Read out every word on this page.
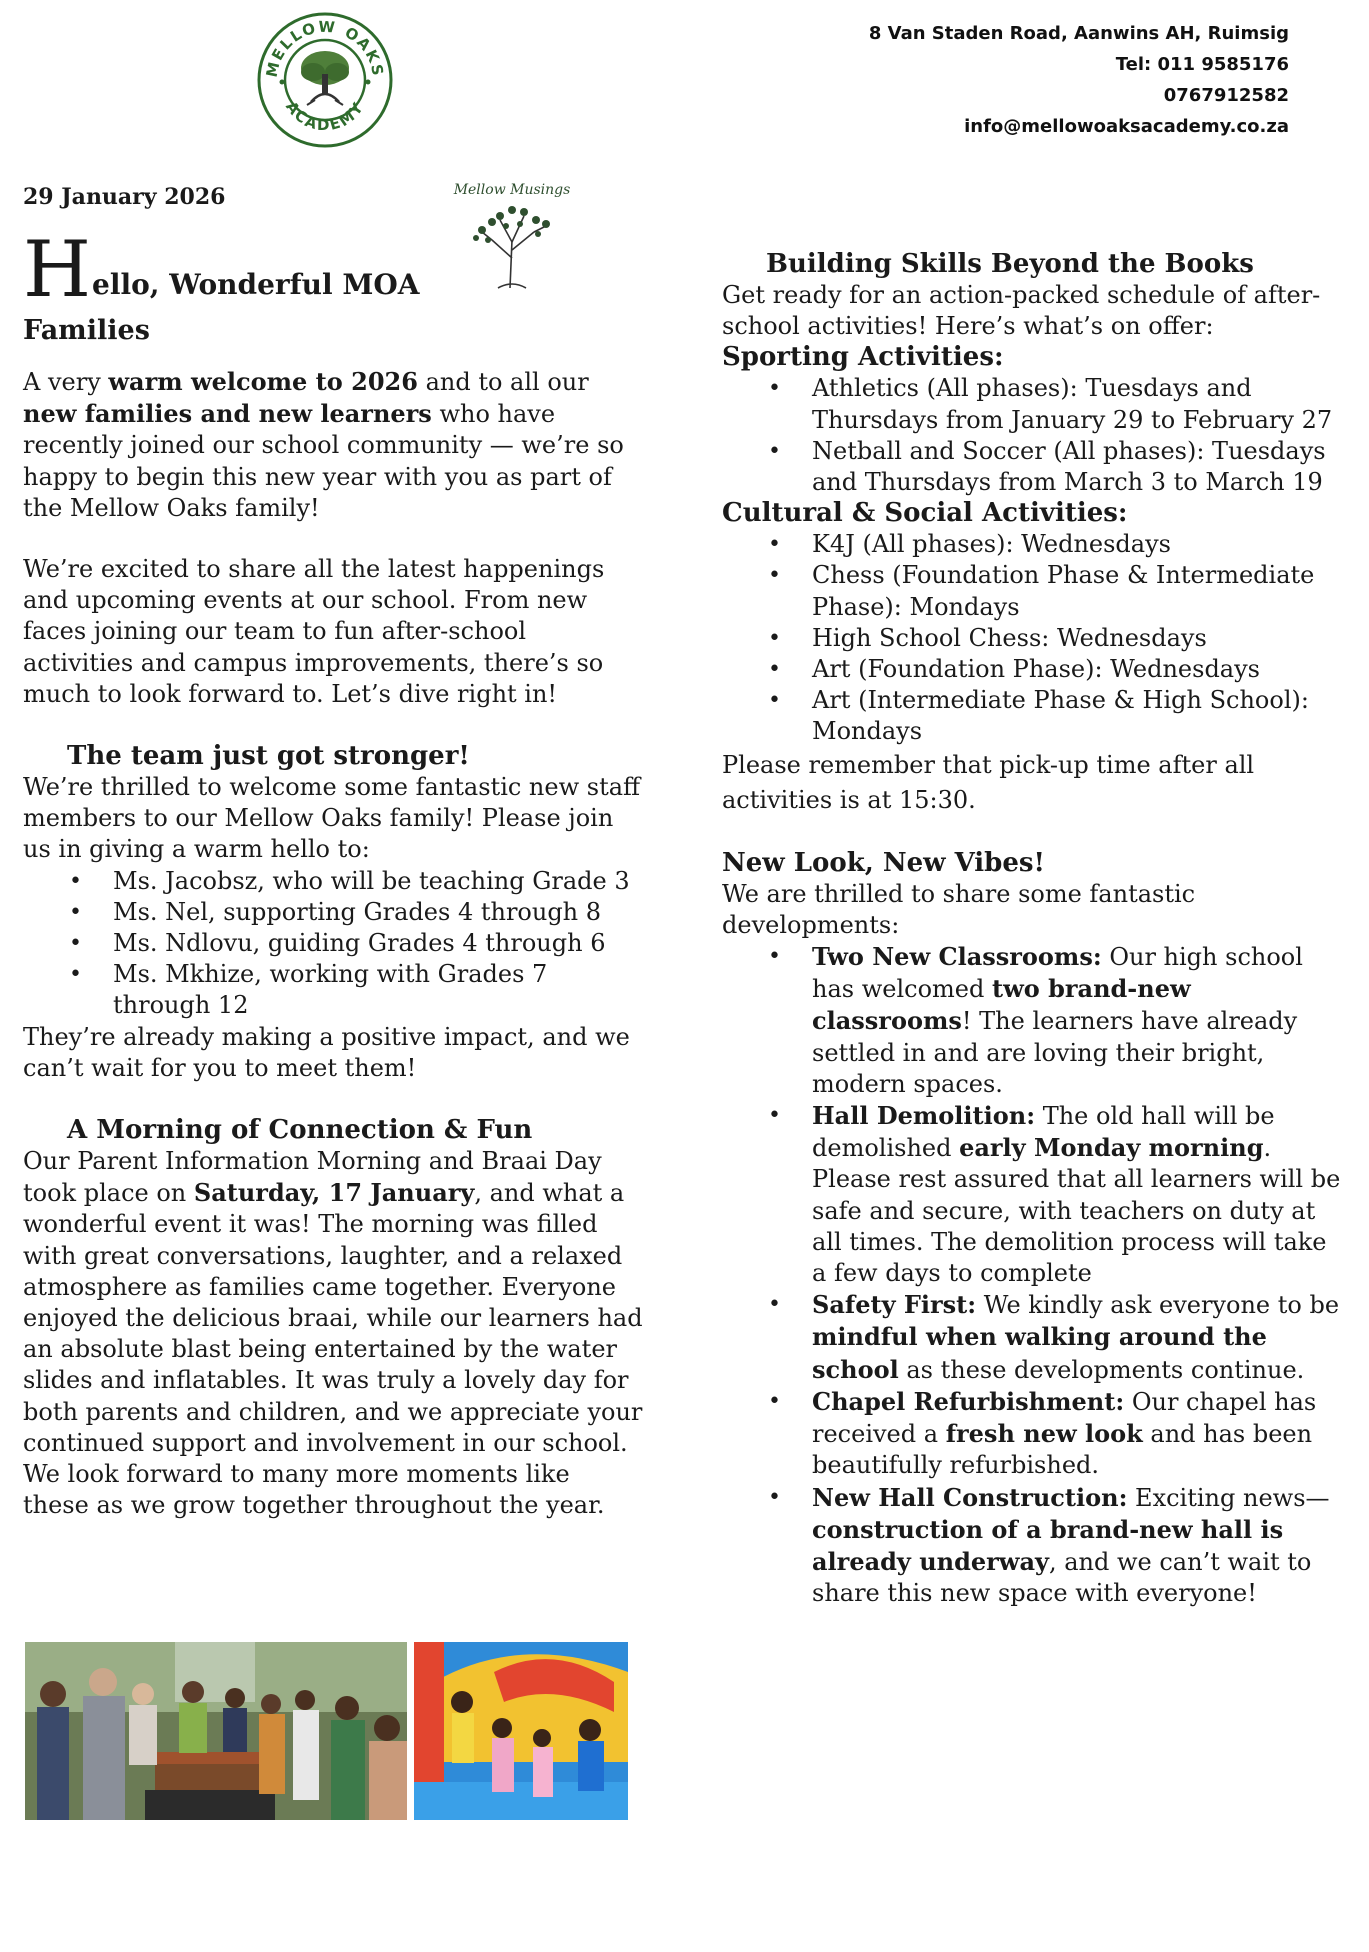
MELLOW OAKS
ACADEMY
8 Van Staden Road, Aanwins AH, Ruimsig
Tel: 011 9585176
0767912582
info@mellowoaksacademy.co.za
29 January 2026	Mellow Musings
Hello, Wonderful MOA
Families

A very warm welcome to 2026 and to all our new families and new learners who have recently joined our school community — we’re so happy to begin this new year with you as part of the Mellow Oaks family!

We’re excited to share all the latest happenings and upcoming events at our school. From new faces joining our team to fun after-school activities and campus improvements, there’s so much to look forward to. Let’s dive right in!

The team just got stronger!

We’re thrilled to welcome some fantastic new staff members to our Mellow Oaks family! Please join us in giving a warm hello to:

• Ms. Jacobsz, who will be teaching Grade 3
• Ms. Nel, supporting Grades 4 through 8
• Ms. Ndlovu, guiding Grades 4 through 6
• Ms. Mkhize, working with Grades 7 through 12

They’re already making a positive impact, and we can’t wait for you to meet them!

A Morning of Connection & Fun

Our Parent Information Morning and Braai Day took place on Saturday, 17 January, and what a wonderful event it was! The morning was filled with great conversations, laughter, and a relaxed atmosphere as families came together. Everyone enjoyed the delicious braai, while our learners had an absolute blast being entertained by the water slides and inflatables. It was truly a lovely day for both parents and children, and we appreciate your continued support and involvement in our school. We look forward to many more moments like these as we grow together throughout the year.

Building Skills Beyond the Books

Get ready for an action-packed schedule of after-school activities! Here’s what’s on offer:

Sporting Activities:
• Athletics (All phases): Tuesdays and Thursdays from January 29 to February 27
• Netball and Soccer (All phases): Tuesdays and Thursdays from March 3 to March 19
Cultural & Social Activities:
• K4J (All phases): Wednesdays
• Chess (Foundation Phase & Intermediate Phase): Mondays
• High School Chess: Wednesdays
• Art (Foundation Phase): Wednesdays
• Art (Intermediate Phase & High School): Mondays

Please remember that pick-up time after all activities is at 15:30.

New Look, New Vibes!

We are thrilled to share some fantastic developments:

• Two New Classrooms: Our high school has welcomed two brand-new classrooms! The learners have already settled in and are loving their bright, modern spaces.
• Hall Demolition: The old hall will be demolished early Monday morning. Please rest assured that all learners will be safe and secure, with teachers on duty at all times. The demolition process will take a few days to complete
• Safety First: We kindly ask everyone to be mindful when walking around the school as these developments continue.
• Chapel Refurbishment: Our chapel has received a fresh new look and has been beautifully refurbished.
• New Hall Construction: Exciting news—construction of a brand-new hall is already underway, and we can’t wait to share this new space with everyone!
